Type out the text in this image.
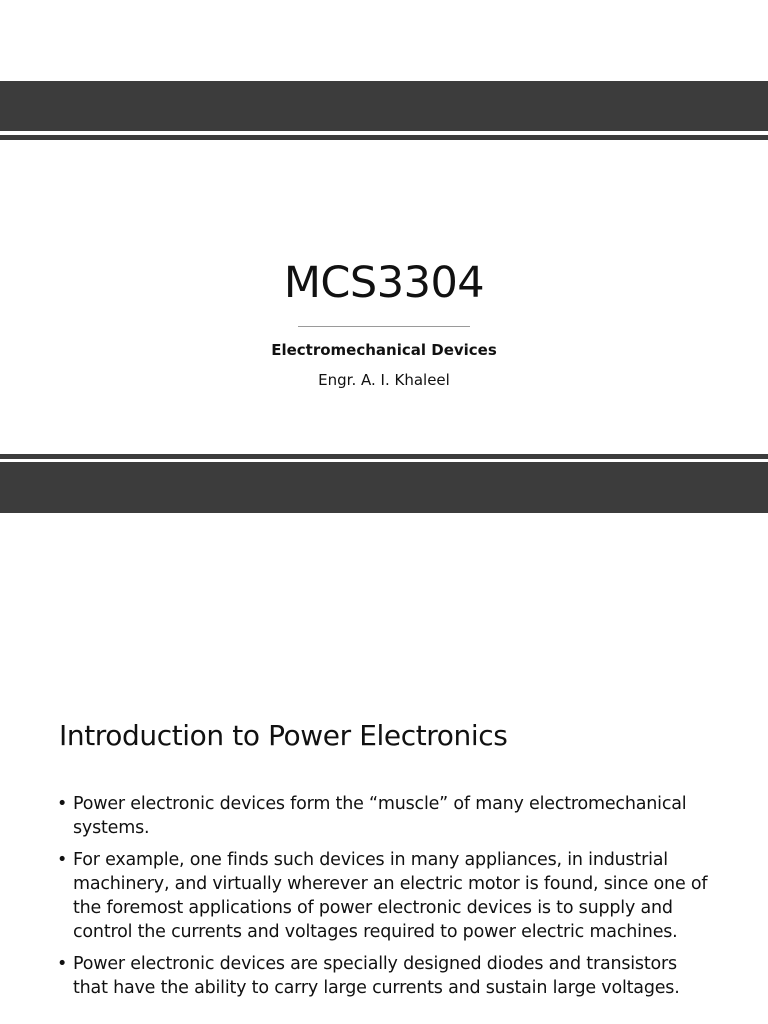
MCS3304
Electromechanical Devices
Engr. A. I. Khaleel
Introduction to Power Electronics
• Power electronic devices form the “muscle” of many electromechanical systems.
• For example, one finds such devices in many appliances, in industrial machinery, and virtually wherever an electric motor is found, since one of the foremost applications of power electronic devices is to supply and control the currents and voltages required to power electric machines.
• Power electronic devices are specially designed diodes and transistors that have the ability to carry large currents and sustain large voltages.
